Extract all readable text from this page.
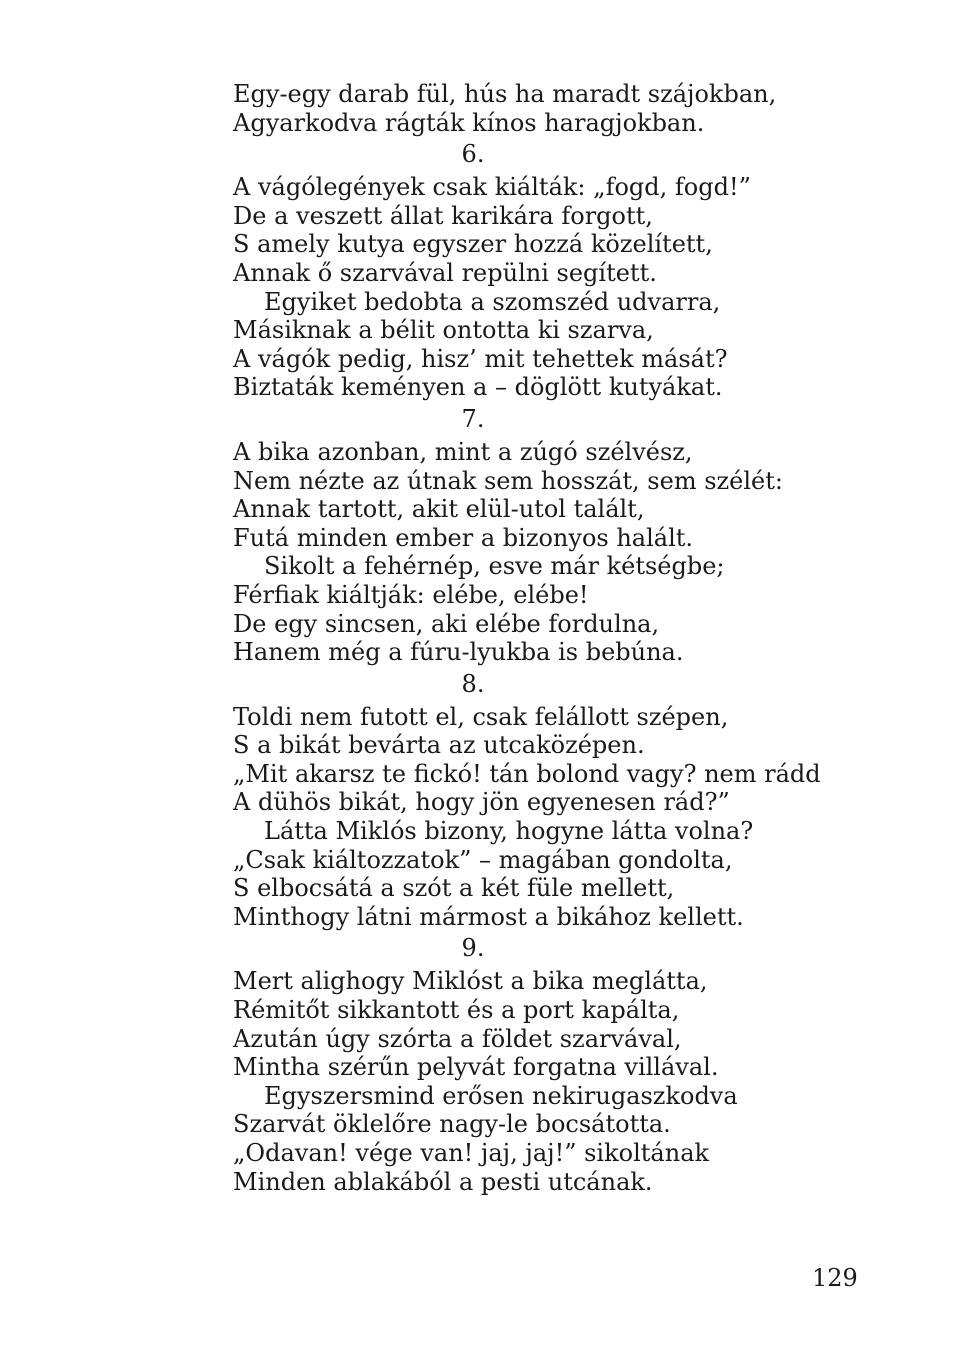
Egy-egy darab fül, hús ha maradt szájokban,
Agyarkodva rágták kínos haragjokban.
6.
A vágólegények csak kiálták: „fogd, fogd!”
De a veszett állat karikára forgott,
S amely kutya egyszer hozzá közelített,
Annak ő szarvával repülni segített.
Egyiket bedobta a szomszéd udvarra,
Másiknak a bélit ontotta ki szarva,
A vágók pedig, hisz’ mit tehettek mását?
Biztaták keményen a – döglött kutyákat.
7.
A bika azonban, mint a zúgó szélvész,
Nem nézte az útnak sem hosszát, sem szélét:
Annak tartott, akit elül-utol talált,
Futá minden ember a bizonyos halált.
Sikolt a fehérnép, esve már kétségbe;
Férfiak kiáltják: elébe, elébe!
De egy sincsen, aki elébe fordulna,
Hanem még a fúru-lyukba is bebúna.
8.
Toldi nem futott el, csak felállott szépen,
S a bikát bevárta az utcaközépen.
„Mit akarsz te fickó! tán bolond vagy? nem rádd
A dühös bikát, hogy jön egyenesen rád?”
Látta Miklós bizony, hogyne látta volna?
„Csak kiáltozzatok” – magában gondolta,
S elbocsátá a szót a két füle mellett,
Minthogy látni mármost a bikához kellett.
9.
Mert alighogy Miklóst a bika meglátta,
Rémitőt sikkantott és a port kapálta,
Azután úgy szórta a földet szarvával,
Mintha szérűn pelyvát forgatna villával.
Egyszersmind erősen nekirugaszkodva
Szarvát öklelőre nagy-le bocsátotta.
„Odavan! vége van! jaj, jaj!” sikoltának
Minden ablakából a pesti utcának.
129
